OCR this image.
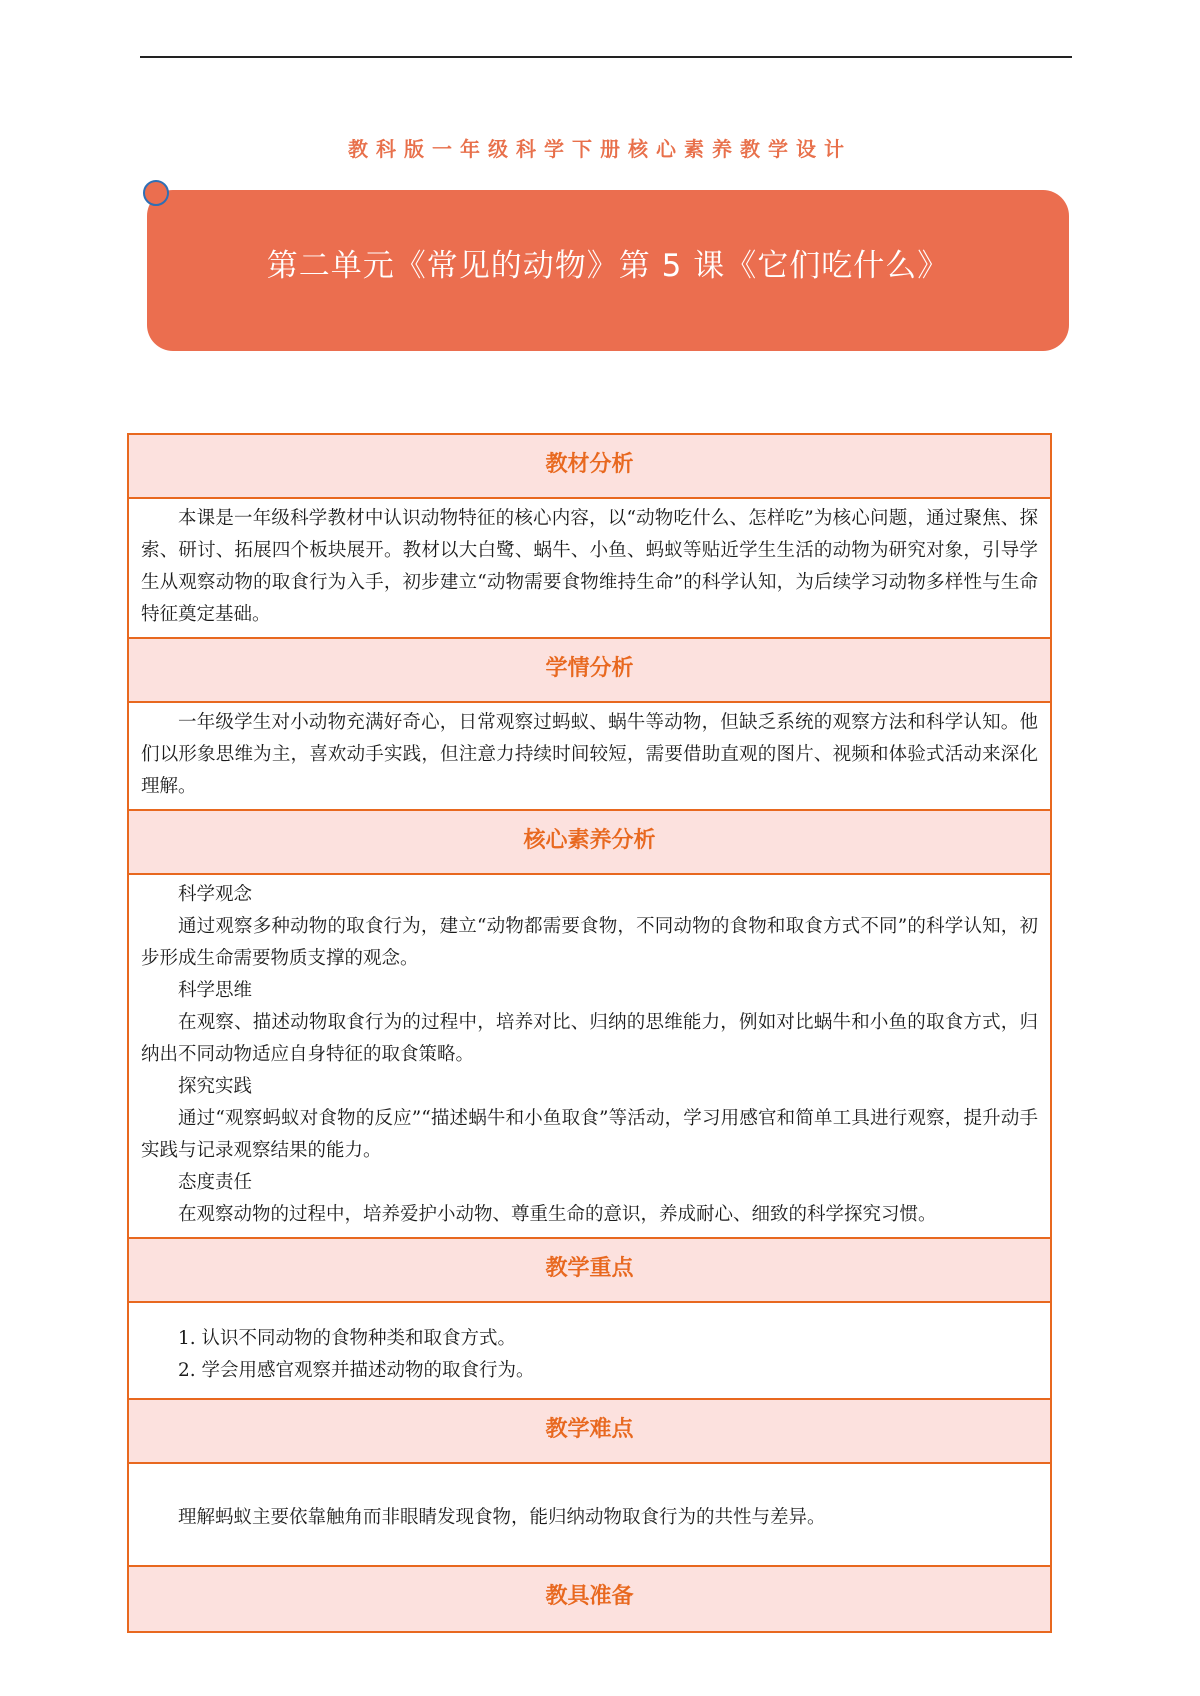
教科版一年级科学下册核心素养教学设计
第二单元《常见的动物》第 5 课《它们吃什么》
教材分析

本课是一年级科学教材中认识动物特征的核心内容，以“动物吃什么、怎样吃”为核心问题，通过聚焦、探索、研讨、拓展四个板块展开。教材以大白鹭、蜗牛、小鱼、蚂蚁等贴近学生生活的动物为研究对象，引导学生从观察动物的取食行为入手，初步建立“动物需要食物维持生命”的科学认知，为后续学习动物多样性与生命特征奠定基础。

学情分析

一年级学生对小动物充满好奇心，日常观察过蚂蚁、蜗牛等动物，但缺乏系统的观察方法和科学认知。他们以形象思维为主，喜欢动手实践，但注意力持续时间较短，需要借助直观的图片、视频和体验式活动来深化理解。

核心素养分析

科学观念

通过观察多种动物的取食行为，建立“动物都需要食物，不同动物的食物和取食方式不同”的科学认知，初步形成生命需要物质支撑的观念。

科学思维

在观察、描述动物取食行为的过程中，培养对比、归纳的思维能力，例如对比蜗牛和小鱼的取食方式，归纳出不同动物适应自身特征的取食策略。

探究实践

通过“观察蚂蚁对食物的反应”“描述蜗牛和小鱼取食”等活动，学习用感官和简单工具进行观察，提升动手实践与记录观察结果的能力。

态度责任

在观察动物的过程中，培养爱护小动物、尊重生命的意识，养成耐心、细致的科学探究习惯。

教学重点

1. 认识不同动物的食物种类和取食方式。

2. 学会用感官观察并描述动物的取食行为。

教学难点

理解蚂蚁主要依靠触角而非眼睛发现食物，能归纳动物取食行为的共性与差异。

教具准备
